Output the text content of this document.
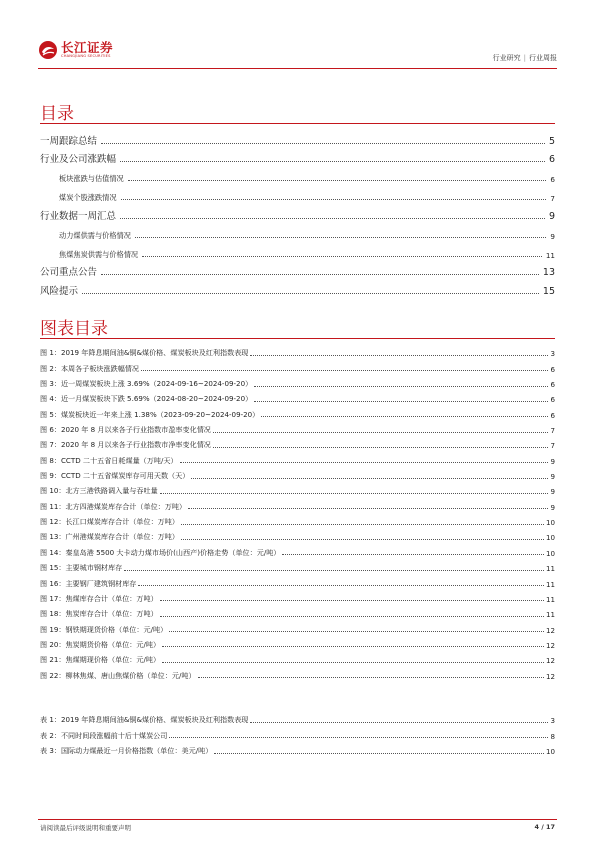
长江证券
CHANGJIANG SECURITIES	行业研究 | 行业周报
目录
一周跟踪总结	5
行业及公司涨跌幅	6
板块涨跌与估值情况	6
煤炭个股涨跌情况	7
行业数据一周汇总	9
动力煤供需与价格情况	9
焦煤焦炭供需与价格情况	11
公司重点公告	13
风险提示	15
图表目录
图 1：2019 年降息期间油&铜&煤价格、煤炭板块及红利指数表现	3
图 2：本周各子板块涨跌幅情况	6
图 3：近一周煤炭板块上涨 3.69%（2024-09-16~2024-09-20）	6
图 4：近一月煤炭板块下跌 5.69%（2024-08-20~2024-09-20）	6
图 5：煤炭板块近一年来上涨 1.38%（2023-09-20~2024-09-20）	6
图 6：2020 年 8 月以来各子行业指数市盈率变化情况	7
图 7：2020 年 8 月以来各子行业指数市净率变化情况	7
图 8：CCTD 二十五省日耗煤量（万吨/天）	9
图 9：CCTD 二十五省煤炭库存可用天数（天）	9
图 10：北方三港铁路调入量与吞吐量	9
图 11：北方四港煤炭库存合计（单位：万吨）	9
图 12：长江口煤炭库存合计（单位：万吨）	10
图 13：广州港煤炭库存合计（单位：万吨）	10
图 14：秦皇岛港 5500 大卡动力煤市场价(山西产)价格走势（单位：元/吨）	10
图 15：主要城市钢材库存	11
图 16：主要钢厂建筑钢材库存	11
图 17：焦煤库存合计（单位：万吨）	11
图 18：焦炭库存合计（单位：万吨）	11
图 19：钢铁期现货价格（单位：元/吨）	12
图 20：焦炭期货价格（单位：元/吨）	12
图 21：焦煤期现价格（单位：元/吨）	12
图 22：柳林焦煤、唐山焦煤价格（单位：元/吨）	12
表 1：2019 年降息期间油&铜&煤价格、煤炭板块及红利指数表现	3
表 2：不同时间段涨幅前十后十煤炭公司	8
表 3：国际动力煤最近一月价格指数（单位：美元/吨）	10
请阅读最后评级说明和重要声明	4 / 17
